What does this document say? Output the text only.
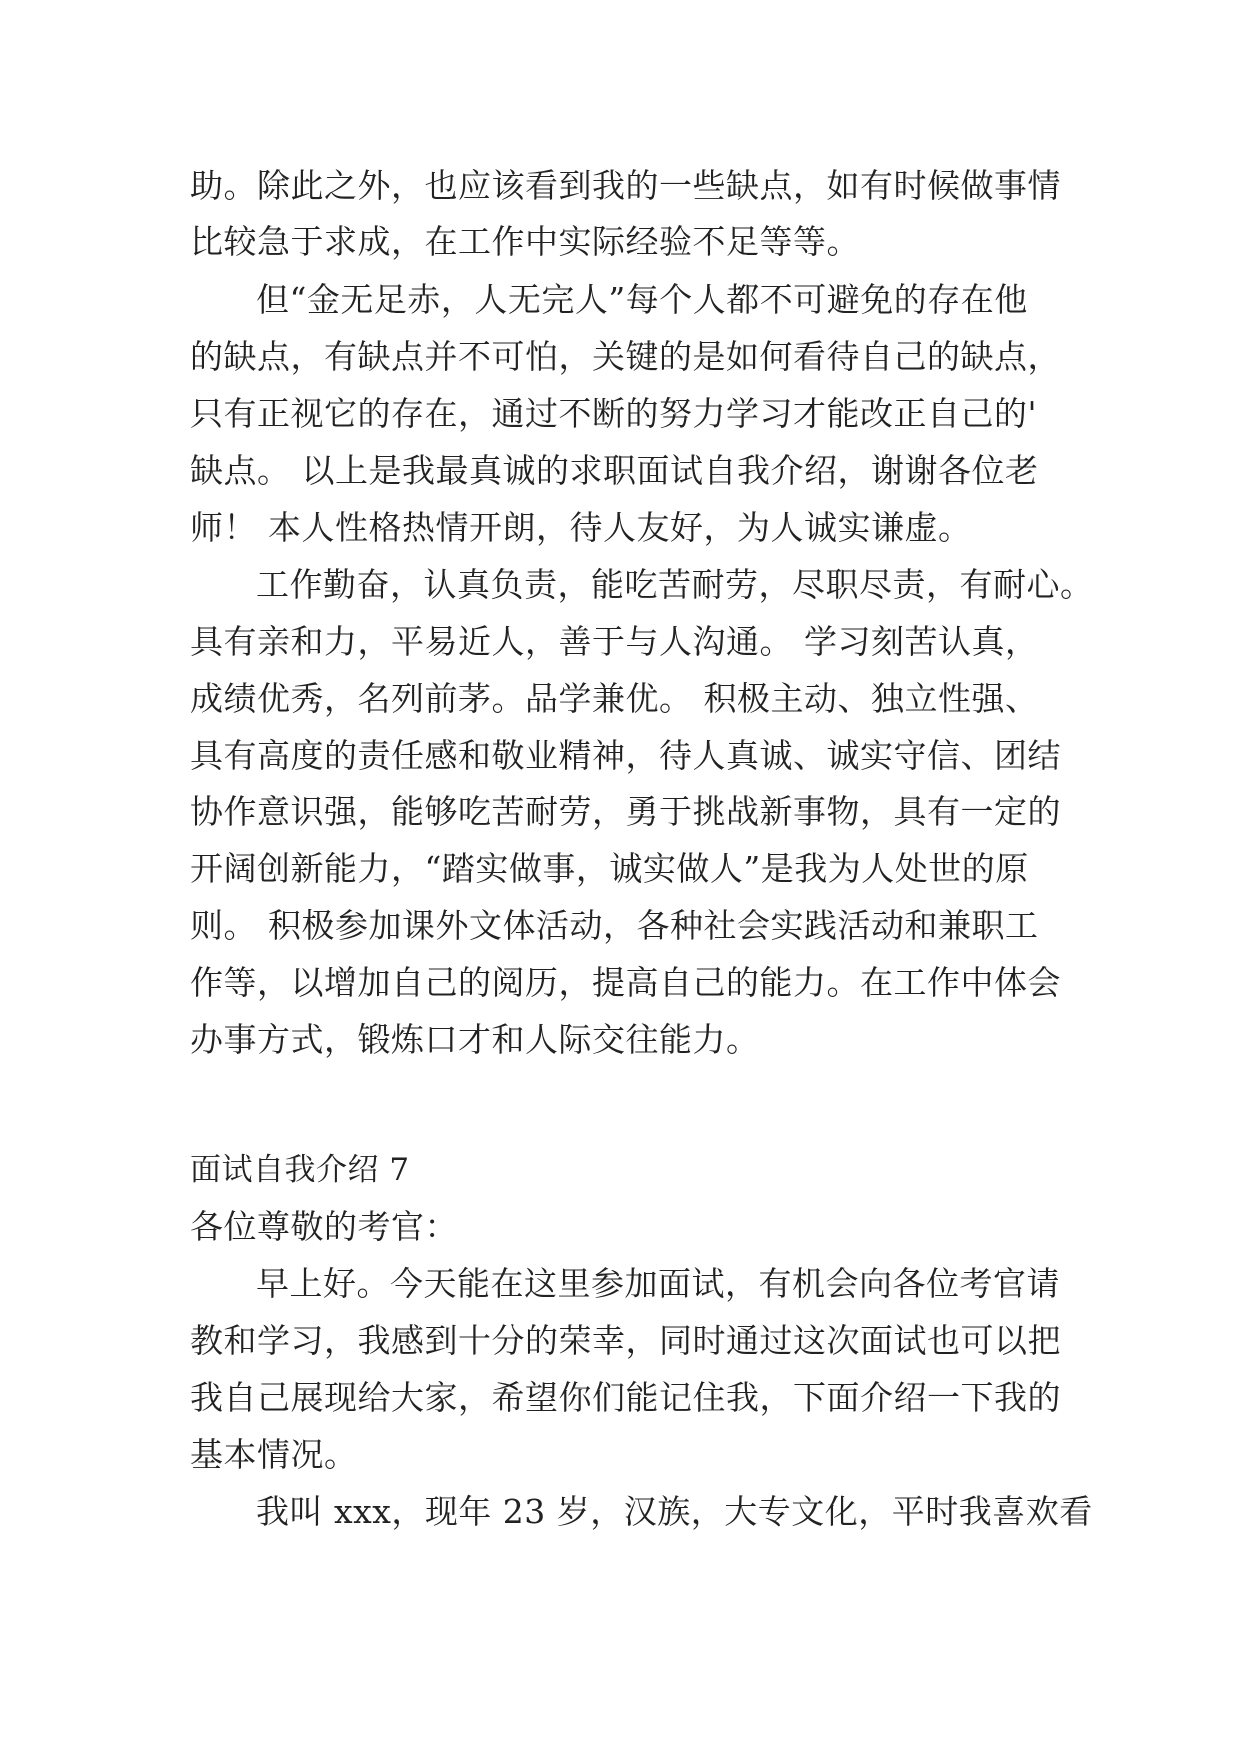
助。除此之外，也应该看到我的一些缺点，如有时候做事情
比较急于求成，在工作中实际经验不足等等。
但“金无足赤，人无完人”每个人都不可避免的存在他
的缺点，有缺点并不可怕，关键的是如何看待自己的缺点，
只有正视它的存在，通过不断的努力学习才能改正自己的'
缺点。 以上是我最真诚的求职面试自我介绍，谢谢各位老
师！ 本人性格热情开朗，待人友好，为人诚实谦虚。
工作勤奋，认真负责，能吃苦耐劳，尽职尽责，有耐心。
具有亲和力，平易近人，善于与人沟通。 学习刻苦认真，
成绩优秀，名列前茅。品学兼优。 积极主动、独立性强、
具有高度的责任感和敬业精神，待人真诚、诚实守信、团结
协作意识强，能够吃苦耐劳，勇于挑战新事物，具有一定的
开阔创新能力，“踏实做事，诚实做人”是我为人处世的原
则。 积极参加课外文体活动，各种社会实践活动和兼职工
作等，以增加自己的阅历，提高自己的能力。在工作中体会
办事方式，锻炼口才和人际交往能力。
面试自我介绍 7
各位尊敬的考官：
早上好。今天能在这里参加面试，有机会向各位考官请
教和学习，我感到十分的荣幸，同时通过这次面试也可以把
我自己展现给大家，希望你们能记住我，下面介绍一下我的
基本情况。
我叫 xxx，现年 23 岁，汉族，大专文化，平时我喜欢看
